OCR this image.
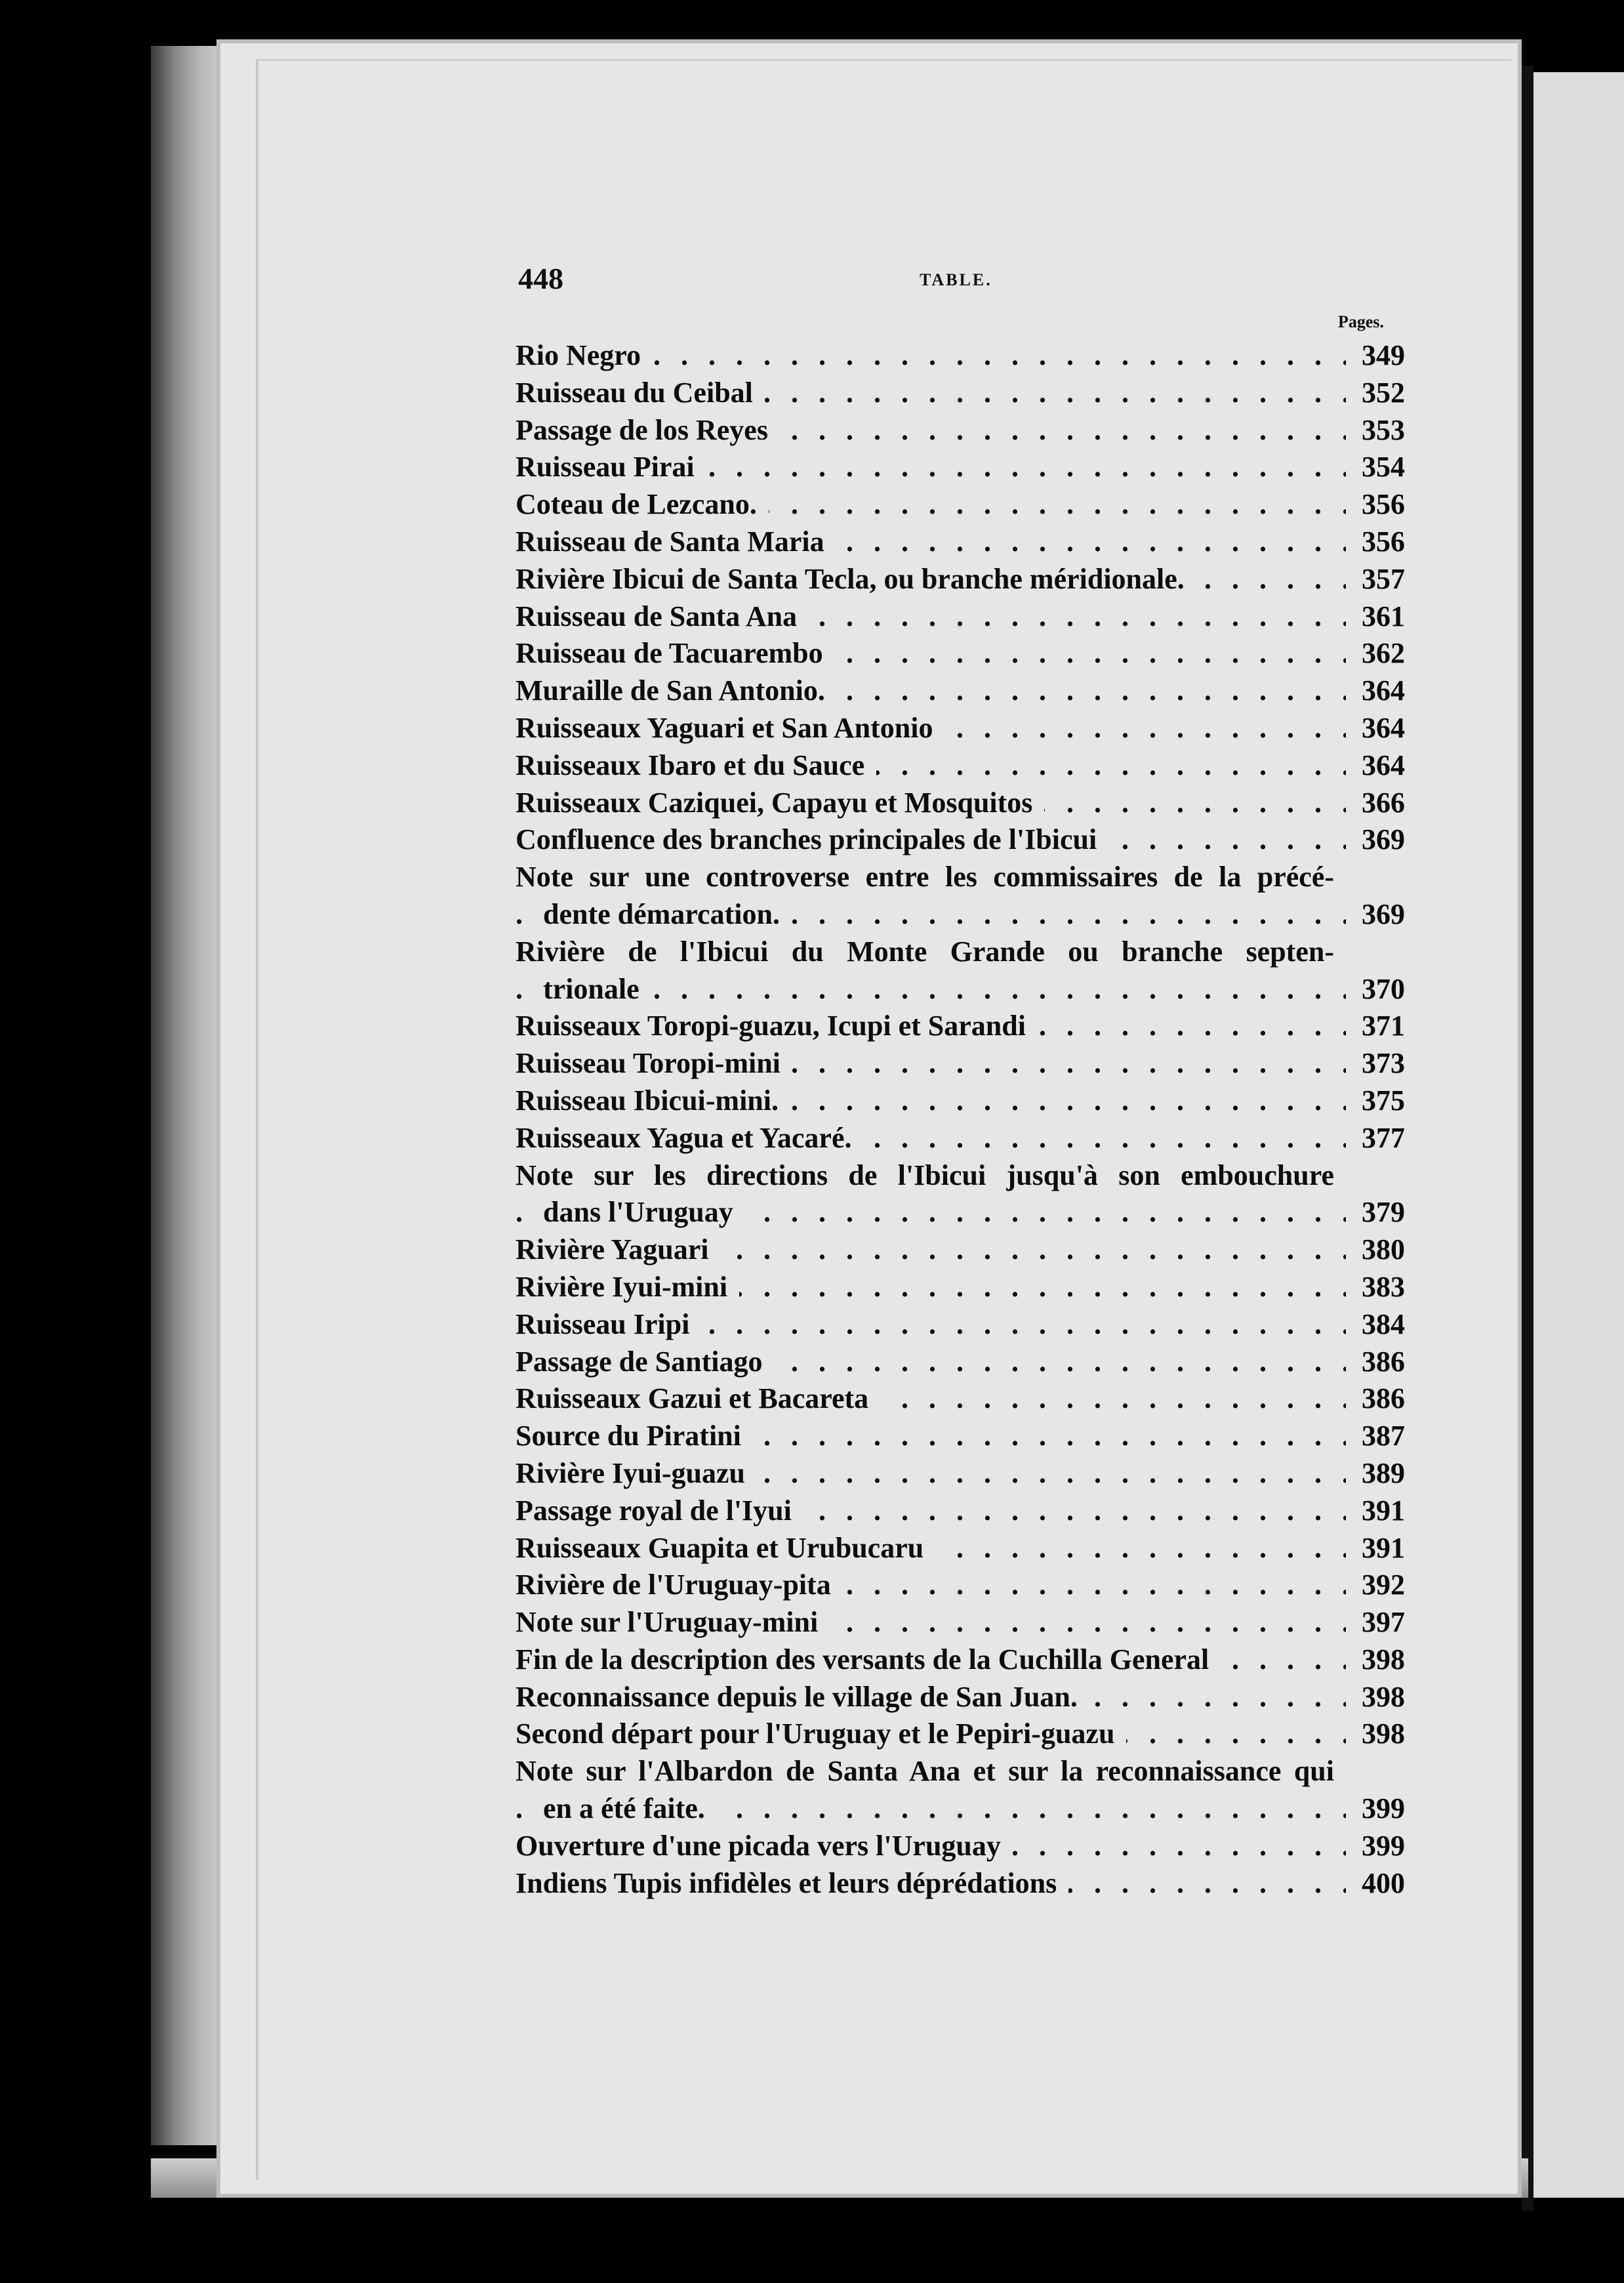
448	TABLE.
Pages.
. . .
Rio Negro	349
. . .
Ruisseau du Ceibal	352
. . .
Passage de los Reyes	353
. . .
Ruisseau Pirai	354
. . .
Coteau de Lezcano.	356
. . .
Ruisseau de Santa Maria	356
. . .
Rivière Ibicui de Santa Tecla, ou branche méridionale.	357
. . .
Ruisseau de Santa Ana	361
. . .
Ruisseau de Tacuarembo	362
. . .
Muraille de San Antonio.	364
. . .
Ruisseaux Yaguari et San Antonio	364
. . .
Ruisseaux Ibaro et du Sauce	364
. . .
Ruisseaux Caziquei, Capayu et Mosquitos	366
. . .
Confluence des branches principales de l'Ibicui	369
. . .
Note sur une controverse entre les commissaires de la précé-
dente démarcation.	369
. . .
Rivière de l'Ibicui du Monte Grande ou branche septen-
trionale	370
. . .
Ruisseaux Toropi-guazu, Icupi et Sarandi	371
. . .
Ruisseau Toropi-mini	373
. . .
Ruisseau Ibicui-mini.	375
. . .
Ruisseaux Yagua et Yacaré.	377
. . .
Note sur les directions de l'Ibicui jusqu'à son embouchure
dans l'Uruguay	379
. . .
Rivière Yaguari	380
. . .
Rivière Iyui-mini	383
. . .
Ruisseau Iripi	384
. . .
Passage de Santiago	386
. . .
Ruisseaux Gazui et Bacareta	386
. . .
Source du Piratini	387
. . .
Rivière Iyui-guazu	389
. . .
Passage royal de l'Iyui	391
. . .
Ruisseaux Guapita et Urubucaru	391
. . .
Rivière de l'Uruguay-pita	392
. . .
Note sur l'Uruguay-mini	397
. . .
Fin de la description des versants de la Cuchilla General	398
. . .
Reconnaissance depuis le village de San Juan.	398
. . .
Second départ pour l'Uruguay et le Pepiri-guazu	398
. . .
Note sur l'Albardon de Santa Ana et sur la reconnaissance qui
en a été faite.	399
. . .
Ouverture d'une picada vers l'Uruguay	399
. . .
Indiens Tupis infidèles et leurs déprédations	400
